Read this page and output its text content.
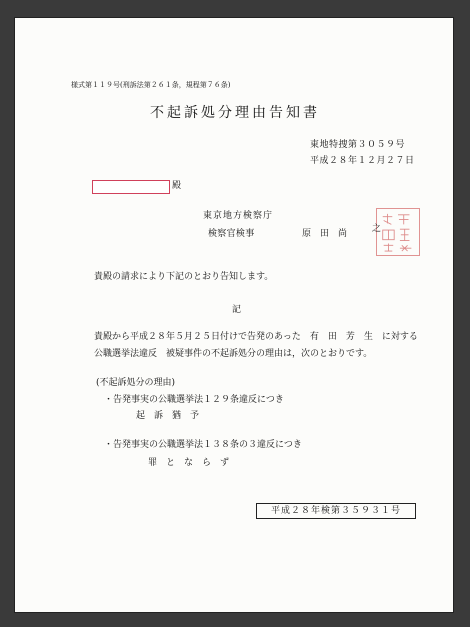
様式第１１９号(刑訴法第２６１条，規程第７６条)
不起訴処分理由告知書
東地特捜第３０５９号
平成２８年１２月２７日
殿
東京地方検察庁
検察官検事	原　田　尚	之
貴殿の請求により下記のとおり告知します。
記
貴殿から平成２８年５月２５日付けで告発のあった　有　田　芳　生　に対する
公職選挙法違反　被疑事件の不起訴処分の理由は，次のとおりです。
(不起訴処分の理由)
・告発事実の公職選挙法１２９条違反につき
起　訴　猶　予
・告発事実の公職選挙法１３８条の３違反につき
罪　と　な　ら　ず
平成２８年検第３５９３１号
